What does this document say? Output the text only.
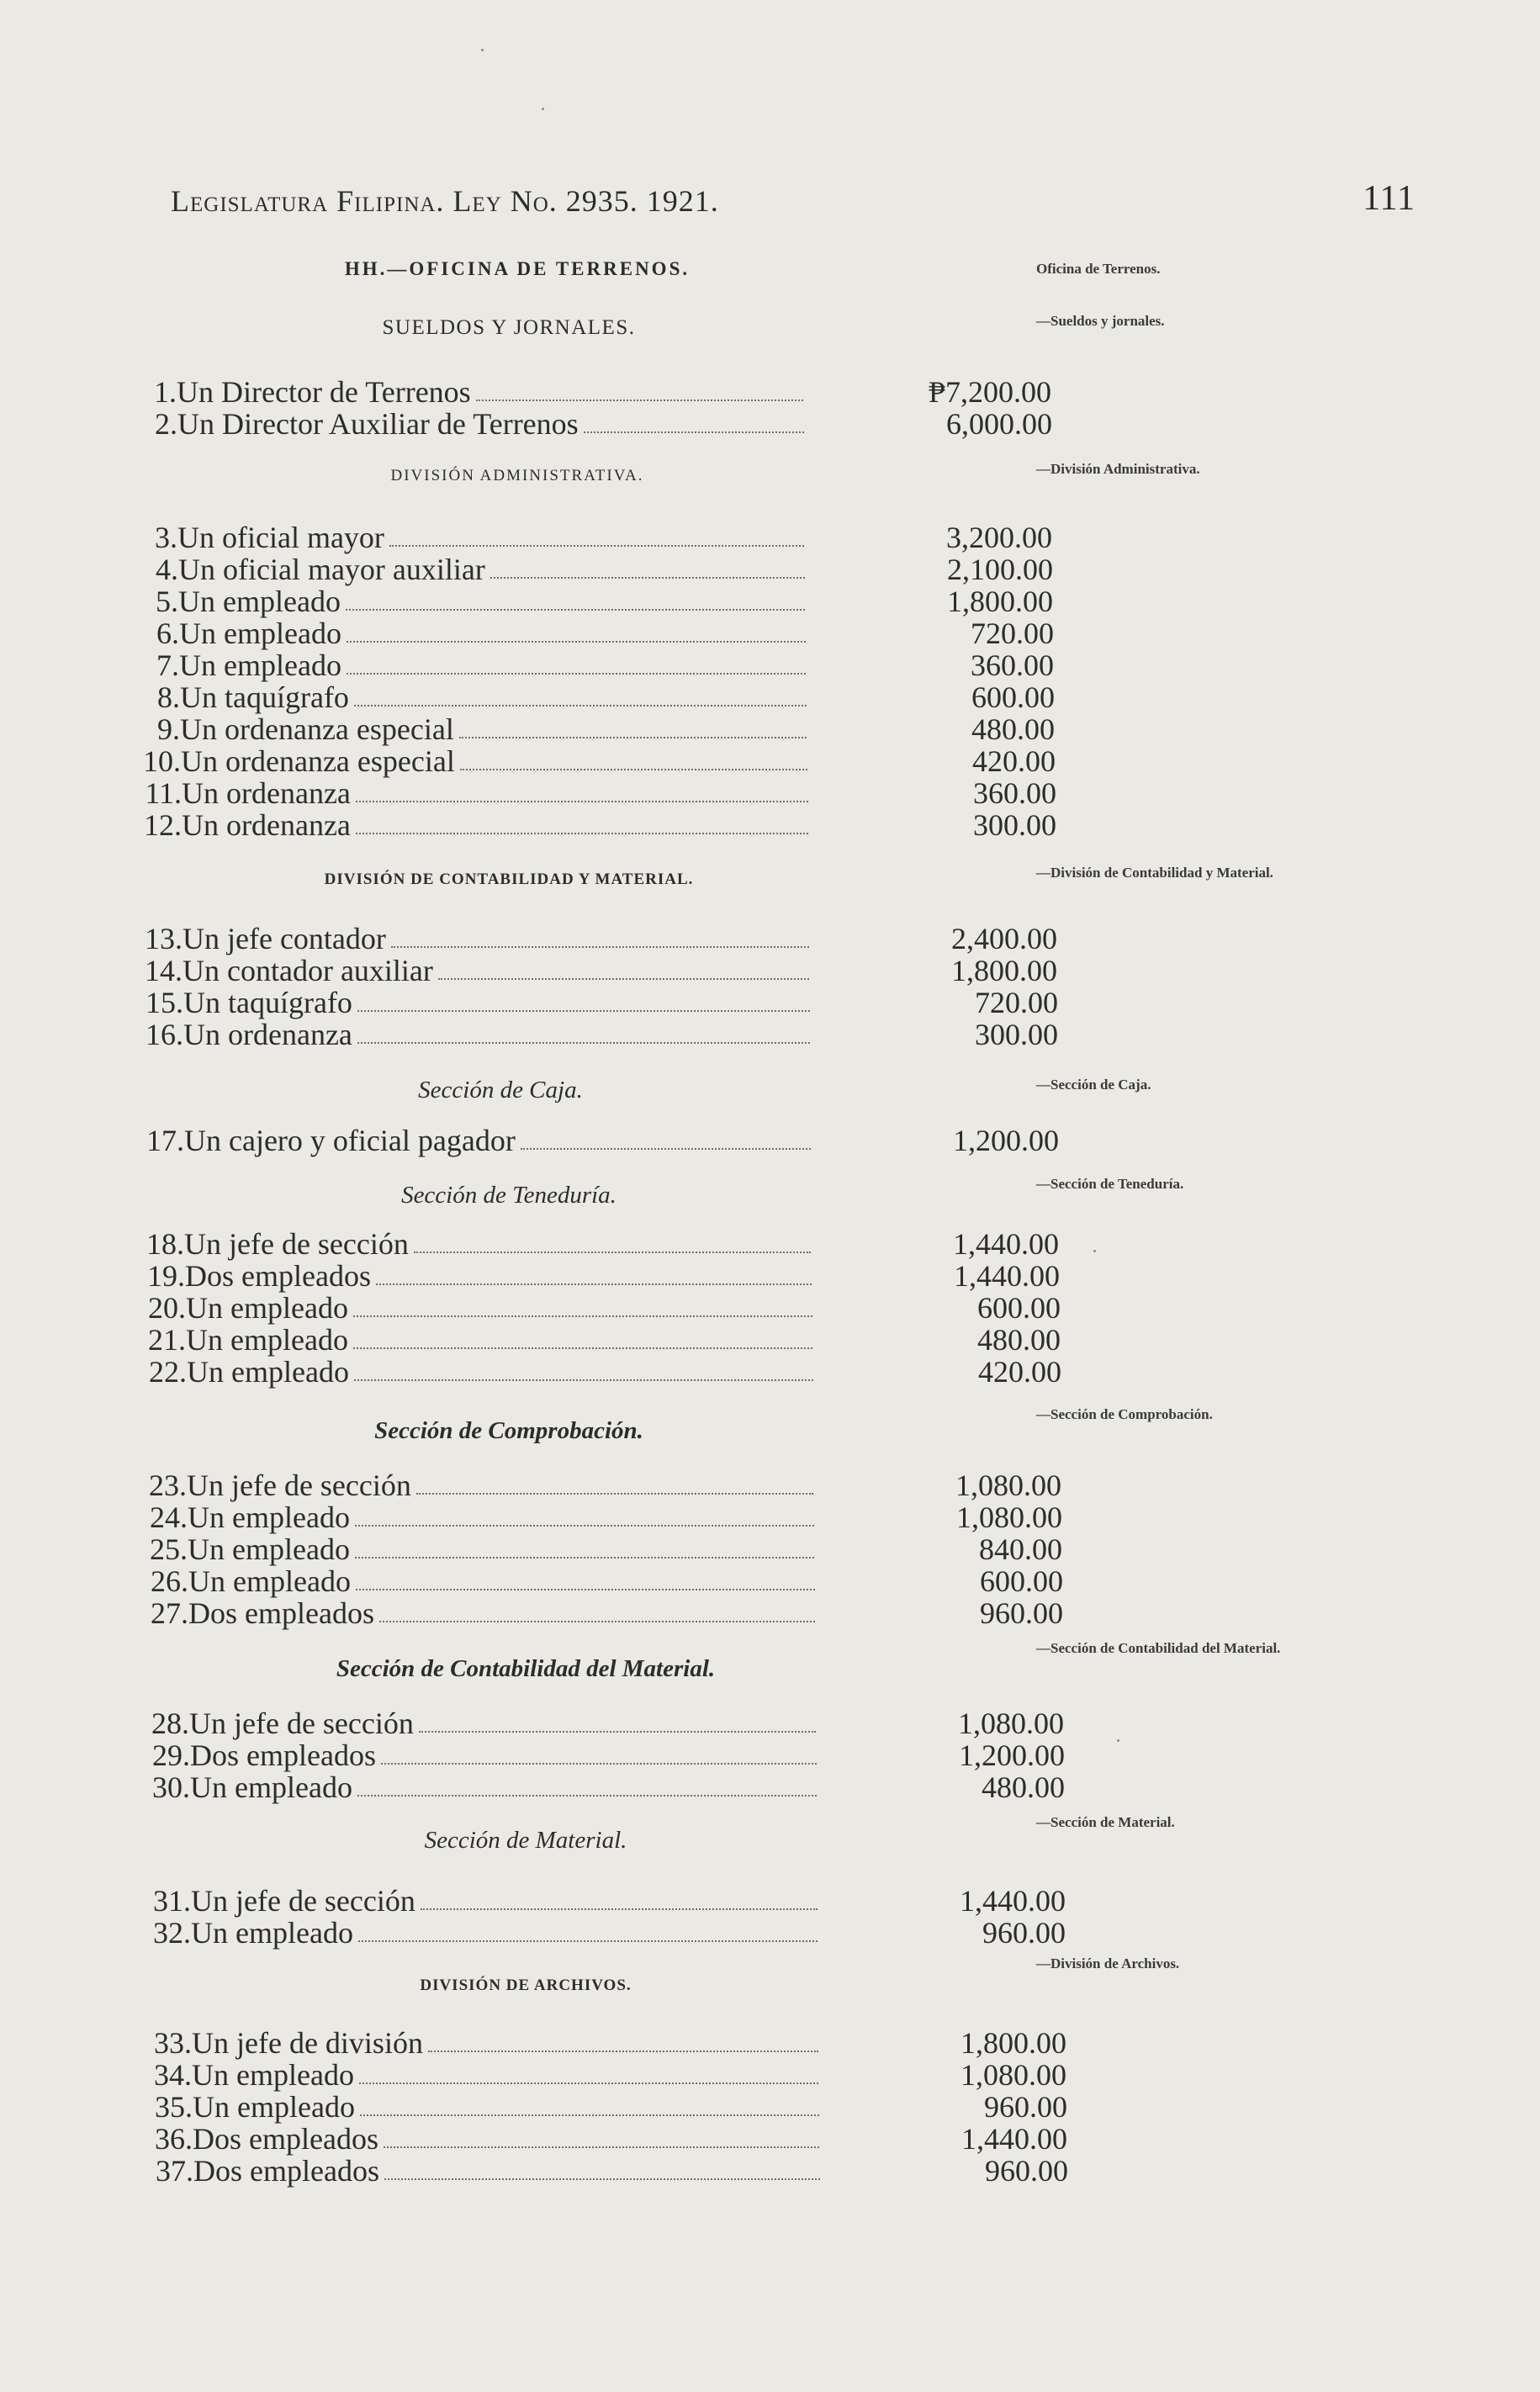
Legislatura Filipina. Ley No. 2935. 1921.	111
HH.—OFICINA DE TERRENOS.
SUELDOS Y JORNALES.
DIVISIÓN ADMINISTRATIVA.
DIVISIÓN DE CONTABILIDAD Y MATERIAL.
Sección de Caja.
Sección de Teneduría.
Sección de Comprobación.
Sección de Contabilidad del Material.
Sección de Material.
DIVISIÓN DE ARCHIVOS.
1. Un Director de Terrenos	₱7,200.00
2. Un Director Auxiliar de Terrenos	6,000.00
3. Un oficial mayor	3,200.00
4. Un oficial mayor auxiliar	2,100.00
5. Un empleado	1,800.00
6. Un empleado	720.00
7. Un empleado	360.00
8. Un taquígrafo	600.00
9. Un ordenanza especial	480.00
10. Un ordenanza especial	420.00
11. Un ordenanza	360.00
12. Un ordenanza	300.00
13. Un jefe contador	2,400.00
14. Un contador auxiliar	1,800.00
15. Un taquígrafo	720.00
16. Un ordenanza	300.00
17. Un cajero y oficial pagador	1,200.00
18. Un jefe de sección	1,440.00
19. Dos empleados	1,440.00
20. Un empleado	600.00
21. Un empleado	480.00
22. Un empleado	420.00
23. Un jefe de sección	1,080.00
24. Un empleado	1,080.00
25. Un empleado	840.00
26. Un empleado	600.00
27. Dos empleados	960.00
28. Un jefe de sección	1,080.00
29. Dos empleados	1,200.00
30. Un empleado	480.00
31. Un jefe de sección	1,440.00
32. Un empleado	960.00
33. Un jefe de división	1,800.00
34. Un empleado	1,080.00
35. Un empleado	960.00
36. Dos empleados	1,440.00
37. Dos empleados	960.00
Oficina de Terrenos.
—Sueldos y jornales.
—División Administrativa.
—División de Contabilidad y Material.
—Sección de Caja.
—Sección de Teneduría.
—Sección de Comprobación.
—Sección de Contabilidad del Material.
—Sección de Material.
—División de Archivos.
